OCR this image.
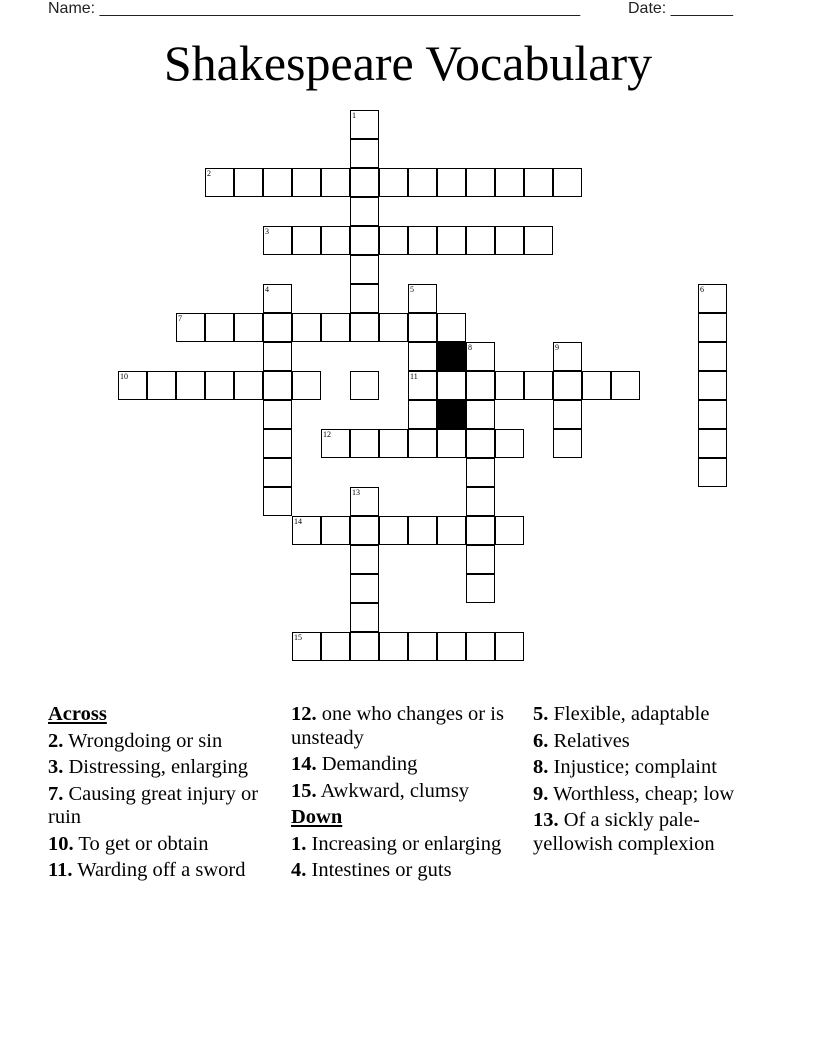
Name: ______________________________________________________	Date: _______
Shakespeare Vocabulary
1
2
3
4	5
11
6
7
8	9
10
12
13
14
15
Across
2. Wrongdoing or sin
3. Distressing, enlarging
7. Causing great injury or ruin
10. To get or obtain
11. Warding off a sword
12. one who changes or is unsteady
14. Demanding
15. Awkward, clumsy
Down
1. Increasing or enlarging
4. Intestines or guts
5. Flexible, adaptable
6. Relatives
8. Injustice; complaint
9. Worthless, cheap; low
13. Of a sickly pale-yellowish complexion
